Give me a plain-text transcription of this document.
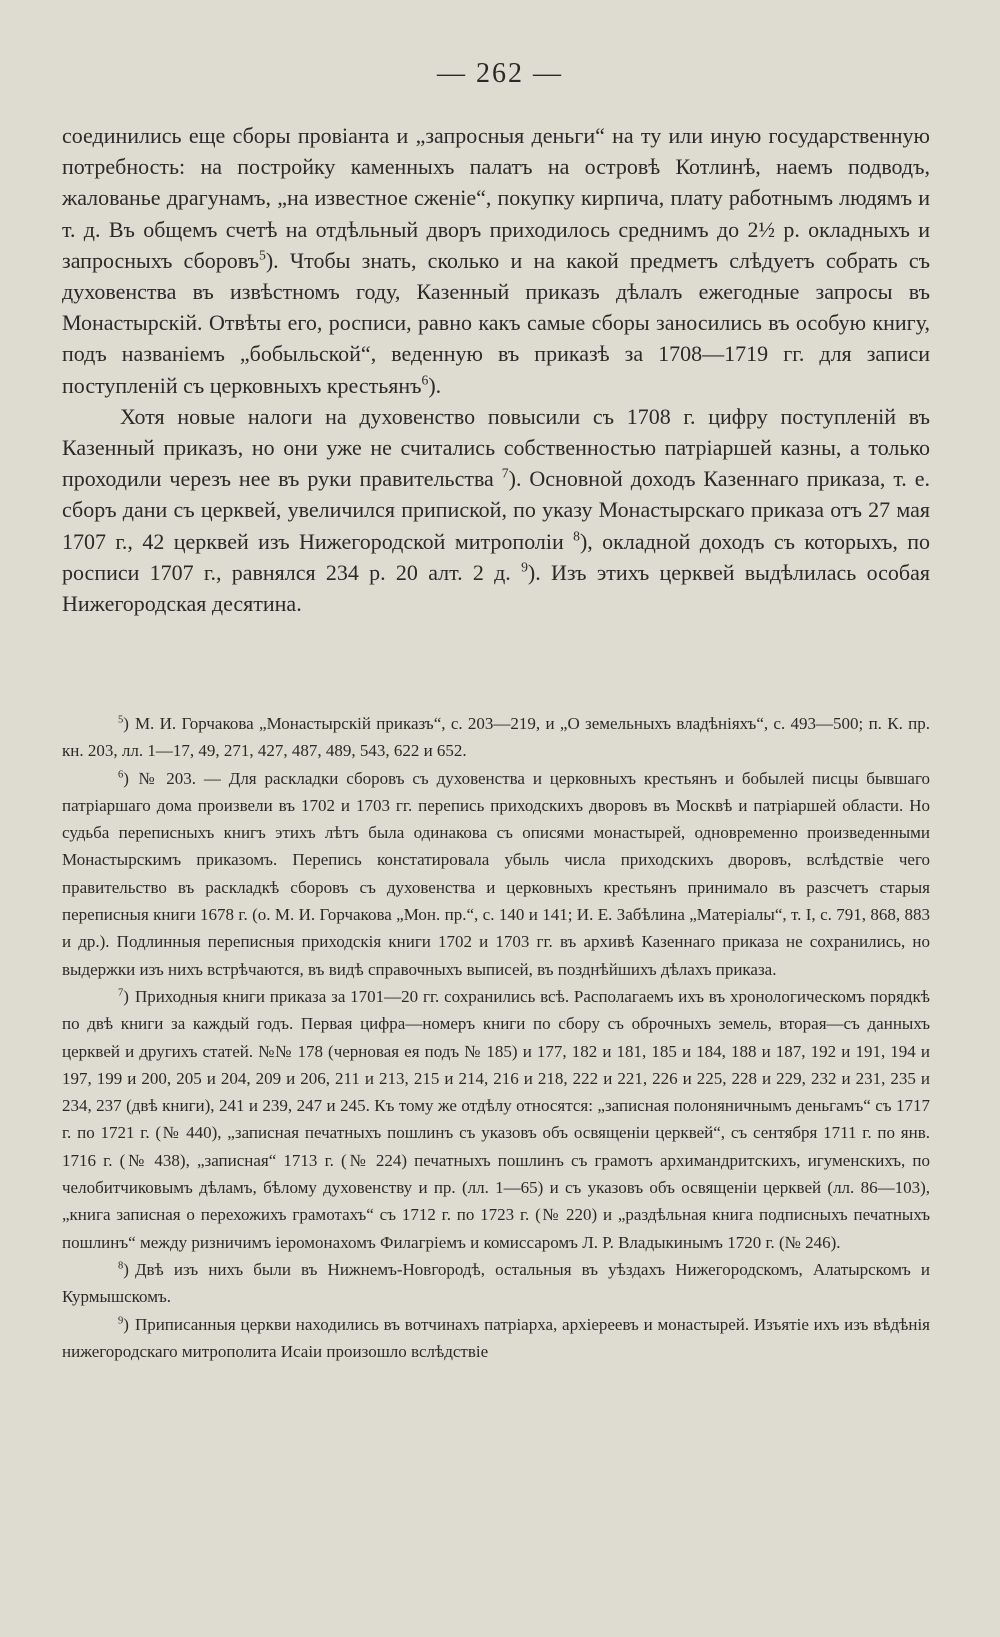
— 262 —

соединились еще сборы провіанта и „запросныя деньги“ на ту или иную государственную потребность: на постройку каменныхъ палатъ на островѣ Котлинѣ, наемъ подводъ, жалованье драгунамъ, „на известное сженіе“, покупку кирпича, плату работнымъ людямъ и т. д. Въ общемъ счетѣ на отдѣльный дворъ приходилось среднимъ до 2½ р. окладныхъ и запросныхъ сборовъ$^5$). Чтобы знать, сколько и на какой предметъ слѣдуетъ собрать съ духовенства въ извѣстномъ году, Казенный приказъ дѣлалъ ежегодные запросы въ Монастырскій. Отвѣты его, росписи, равно какъ самые сборы заносились въ особую книгу, подъ названіемъ „бобыльской“, веденную въ приказѣ за 1708—1719 гг. для записи поступленій съ церковныхъ крестьянъ$^6$).

Хотя новые налоги на духовенство повысили съ 1708 г. цифру поступленій въ Казенный приказъ, но они уже не считались собственностью патріаршей казны, а только проходили черезъ нее въ руки правительства $^7$). Основной доходъ Казеннаго приказа, т. е. сборъ дани съ церквей, увеличился припиской, по указу Монастырскаго приказа отъ 27 мая 1707 г., 42 церквей изъ Нижегородской митрополіи $^8$), окладной доходъ съ которыхъ, по росписи 1707 г., равнялся 234 р. 20 алт. 2 д. $^9$). Изъ этихъ церквей выдѣлилась особая Нижегородская десятина.

$^5$) М. И. Горчакова „Монастырскій приказъ“, с. 203—219, и „О земельныхъ владѣніяхъ“, с. 493—500; п. К. пр. кн. 203, лл. 1—17, 49, 271, 427, 487, 489, 543, 622 и 652.

$^6$) № 203. — Для раскладки сборовъ съ духовенства и церковныхъ крестьянъ и бобылей писцы бывшаго патріаршаго дома произвели въ 1702 и 1703 гг. перепись приходскихъ дворовъ въ Москвѣ и патріаршей области. Но судьба переписныхъ книгъ этихъ лѣтъ была одинакова съ описями монастырей, одновременно произведенными Монастырскимъ приказомъ. Перепись констатировала убыль числа приходскихъ дворовъ, вслѣдствіе чего правительство въ раскладкѣ сборовъ съ духовенства и церковныхъ крестьянъ принимало въ разсчетъ старыя переписныя книги 1678 г. (о. М. И. Горчакова „Мон. пр.“, с. 140 и 141; И. Е. Забѣлина „Матеріалы“, т. I, с. 791, 868, 883 и др.). Подлинныя переписныя приходскія книги 1702 и 1703 гг. въ архивѣ Казеннаго приказа не сохранились, но выдержки изъ нихъ встрѣчаются, въ видѣ справочныхъ выписей, въ позднѣйшихъ дѣлахъ приказа.

$^7$) Приходныя книги приказа за 1701—20 гг. сохранились всѣ. Располагаемъ ихъ въ хронологическомъ порядкѣ по двѣ книги за каждый годъ. Первая цифра—номеръ книги по сбору съ оброчныхъ земель, вторая—съ данныхъ церквей и другихъ статей. №№ 178 (черновая ея подъ № 185) и 177, 182 и 181, 185 и 184, 188 и 187, 192 и 191, 194 и 197, 199 и 200, 205 и 204, 209 и 206, 211 и 213, 215 и 214, 216 и 218, 222 и 221, 226 и 225, 228 и 229, 232 и 231, 235 и 234, 237 (двѣ книги), 241 и 239, 247 и 245. Къ тому же отдѣлу относятся: „записная полоняничнымъ деньгамъ“ съ 1717 г. по 1721 г. (№ 440), „записная печатныхъ пошлинъ съ указовъ объ освященіи церквей“, съ сентября 1711 г. по янв. 1716 г. (№ 438), „записная“ 1713 г. (№ 224) печатныхъ пошлинъ съ грамотъ архимандритскихъ, игуменскихъ, по челобитчиковымъ дѣламъ, бѣлому духовенству и пр. (лл. 1—65) и съ указовъ объ освященіи церквей (лл. 86—103), „книга записная о перехожихъ грамотахъ“ съ 1712 г. по 1723 г. (№ 220) и „раздѣльная книга подписныхъ печатныхъ пошлинъ“ между ризничимъ іеромонахомъ Филагріемъ и комиссаромъ Л. Р. Владыкинымъ 1720 г. (№ 246).

$^8$) Двѣ изъ нихъ были въ Нижнемъ-Новгородѣ, остальныя въ уѣздахъ Нижегородскомъ, Алатырскомъ и Курмышскомъ.

$^9$) Приписанныя церкви находились въ вотчинахъ патріарха, архіереевъ и монастырей. Изъятіе ихъ изъ вѣдѣнія нижегородскаго митрополита Исаіи произошло вслѣдствіе
